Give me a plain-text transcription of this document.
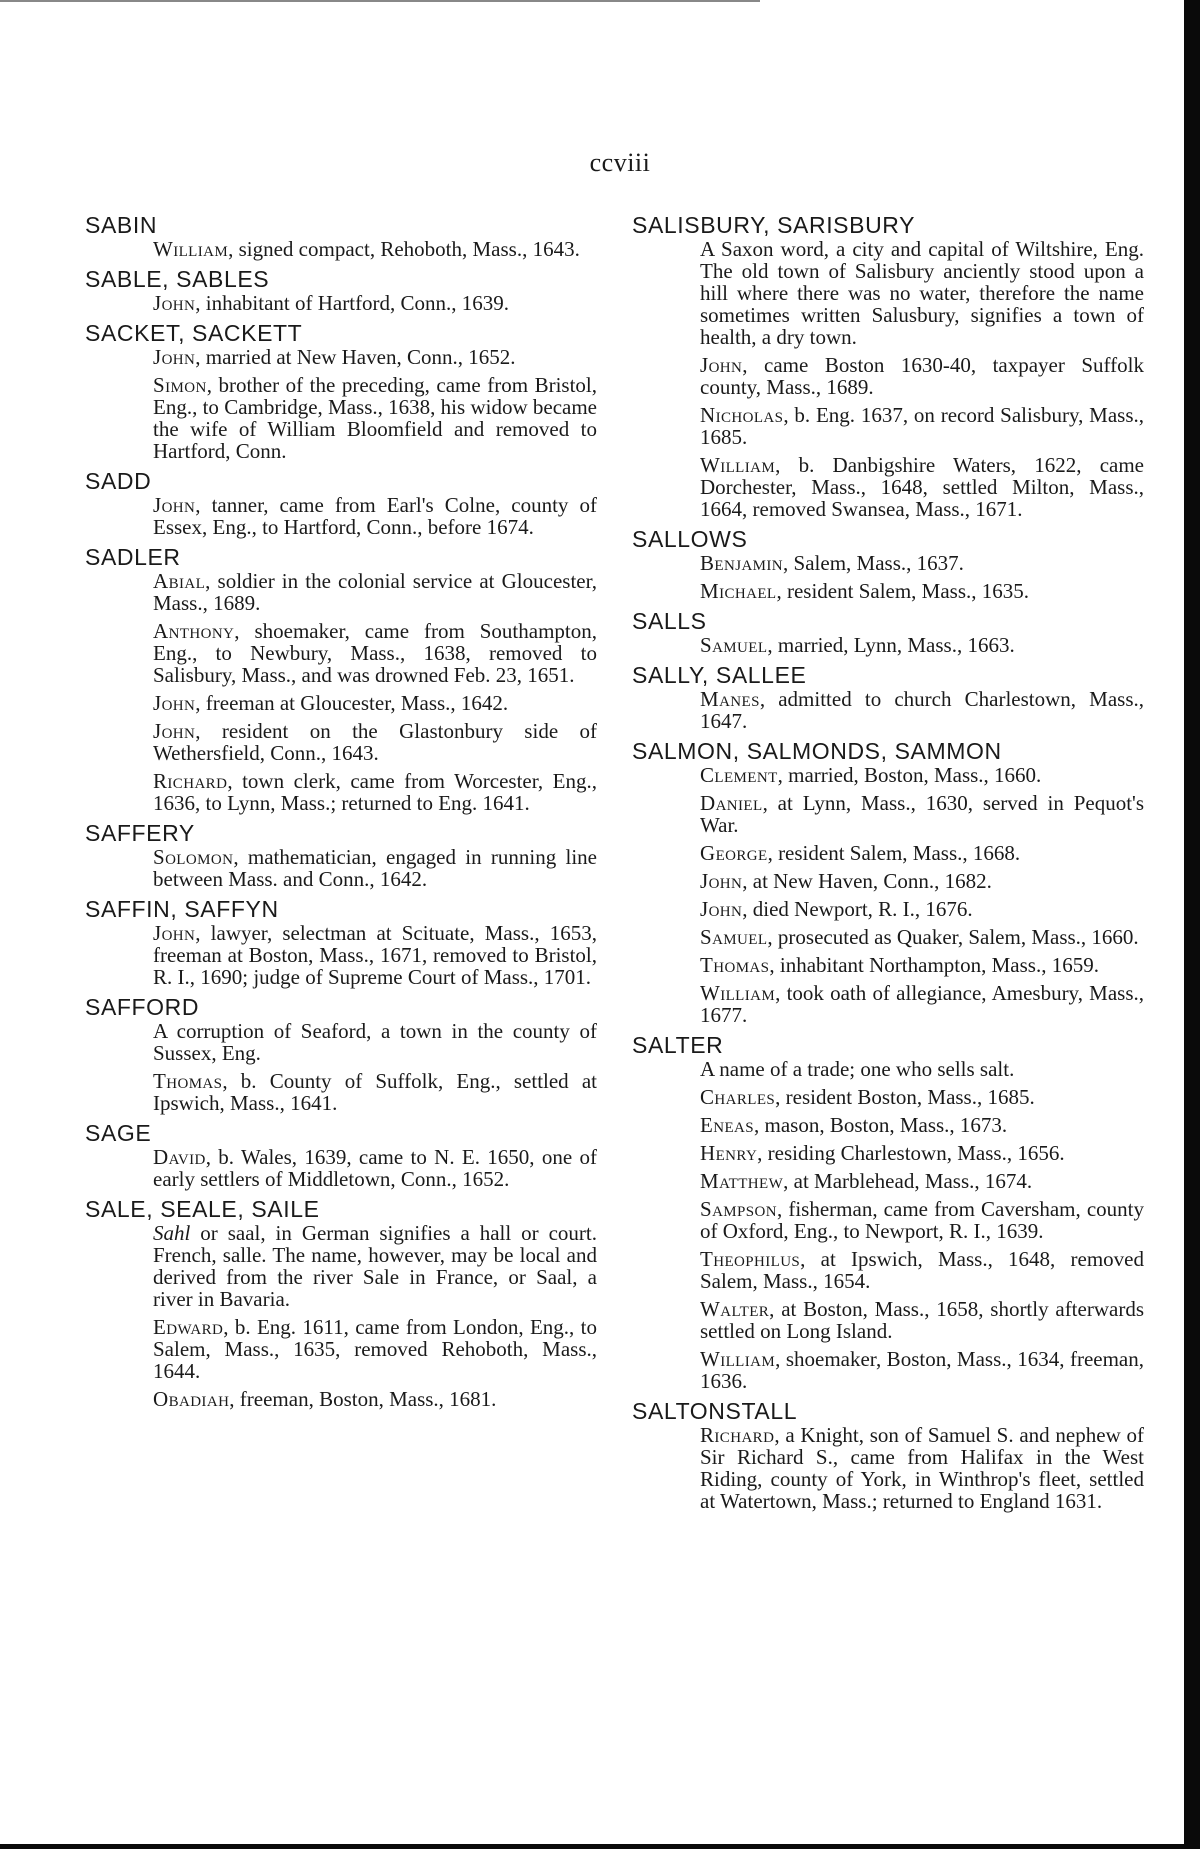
ccviii
SABIN

William, signed compact, Rehoboth, Mass., 1643.

SABLE, SABLES

John, inhabitant of Hartford, Conn., 1639.

SACKET, SACKETT

John, married at New Haven, Conn., 1652.

Simon, brother of the preceding, came from Bristol, Eng., to Cambridge, Mass., 1638, his widow became the wife of William Bloomfield and removed to Hartford, Conn.

SADD

John, tanner, came from Earl's Colne, county of Essex, Eng., to Hartford, Conn., before 1674.

SADLER

Abial, soldier in the colonial service at Gloucester, Mass., 1689.

Anthony, shoemaker, came from Southampton, Eng., to Newbury, Mass., 1638, removed to Salisbury, Mass., and was drowned Feb. 23, 1651.

John, freeman at Gloucester, Mass., 1642.

John, resident on the Glastonbury side of Wethersfield, Conn., 1643.

Richard, town clerk, came from Worcester, Eng., 1636, to Lynn, Mass.; returned to Eng. 1641.

SAFFERY

Solomon, mathematician, engaged in running line between Mass. and Conn., 1642.

SAFFIN, SAFFYN

John, lawyer, selectman at Scituate, Mass., 1653, freeman at Boston, Mass., 1671, removed to Bristol, R. I., 1690; judge of Supreme Court of Mass., 1701.

SAFFORD

A corruption of Seaford, a town in the county of Sussex, Eng.

Thomas, b. County of Suffolk, Eng., settled at Ipswich, Mass., 1641.

SAGE

David, b. Wales, 1639, came to N. E. 1650, one of early settlers of Middletown, Conn., 1652.

SALE, SEALE, SAILE

Sahl or saal, in German signifies a hall or court. French, salle. The name, however, may be local and derived from the river Sale in France, or Saal, a river in Bavaria.

Edward, b. Eng. 1611, came from London, Eng., to Salem, Mass., 1635, removed Rehoboth, Mass., 1644.

Obadiah, freeman, Boston, Mass., 1681.

SALISBURY, SARISBURY

A Saxon word, a city and capital of Wiltshire, Eng. The old town of Salisbury anciently stood upon a hill where there was no water, therefore the name sometimes written Salusbury, signifies a town of health, a dry town.

John, came Boston 1630-40, taxpayer Suffolk county, Mass., 1689.

Nicholas, b. Eng. 1637, on record Salisbury, Mass., 1685.

William, b. Danbigshire Waters, 1622, came Dorchester, Mass., 1648, settled Milton, Mass., 1664, removed Swansea, Mass., 1671.

SALLOWS

Benjamin, Salem, Mass., 1637.

Michael, resident Salem, Mass., 1635.

SALLS

Samuel, married, Lynn, Mass., 1663.

SALLY, SALLEE

Manes, admitted to church Charlestown, Mass., 1647.

SALMON, SALMONDS, SAMMON

Clement, married, Boston, Mass., 1660.

Daniel, at Lynn, Mass., 1630, served in Pequot's War.

George, resident Salem, Mass., 1668.

John, at New Haven, Conn., 1682.

John, died Newport, R. I., 1676.

Samuel, prosecuted as Quaker, Salem, Mass., 1660.

Thomas, inhabitant Northampton, Mass., 1659.

William, took oath of allegiance, Amesbury, Mass., 1677.

SALTER

A name of a trade; one who sells salt.

Charles, resident Boston, Mass., 1685.

Eneas, mason, Boston, Mass., 1673.

Henry, residing Charlestown, Mass., 1656.

Matthew, at Marblehead, Mass., 1674.

Sampson, fisherman, came from Caversham, county of Oxford, Eng., to Newport, R. I., 1639.

Theophilus, at Ipswich, Mass., 1648, removed Salem, Mass., 1654.

Walter, at Boston, Mass., 1658, shortly afterwards settled on Long Island.

William, shoemaker, Boston, Mass., 1634, freeman, 1636.

SALTONSTALL

Richard, a Knight, son of Samuel S. and nephew of Sir Richard S., came from Halifax in the West Riding, county of York, in Winthrop's fleet, settled at Watertown, Mass.; returned to England 1631.
